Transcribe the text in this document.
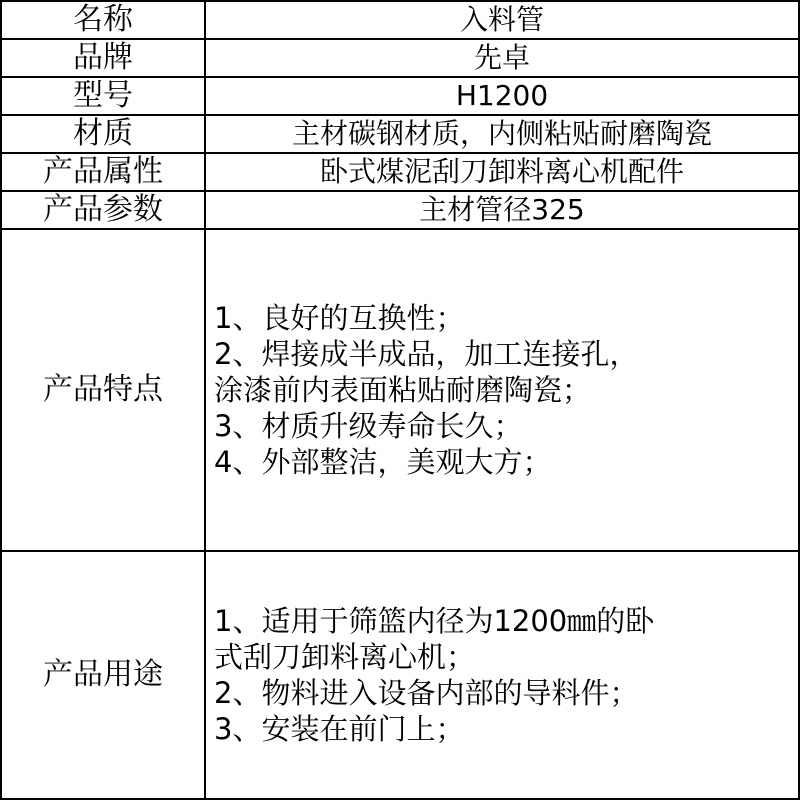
名称	入料管
品牌	先卓
型号	H1200
材质	主材碳钢材质，内侧粘贴耐磨陶瓷
产品属性	卧式煤泥刮刀卸料离心机配件
产品参数	主材管径325
产品特点	1、良好的互换性；
2、焊接成半成品，加工连接孔，
涂漆前内表面粘贴耐磨陶瓷；
3、材质升级寿命长久；
4、外部整洁，美观大方；

产品用途	1、适用于筛篮内径为1200㎜的卧
式刮刀卸料离心机；
2、物料进入设备内部的导料件；
3、安装在前门上；
